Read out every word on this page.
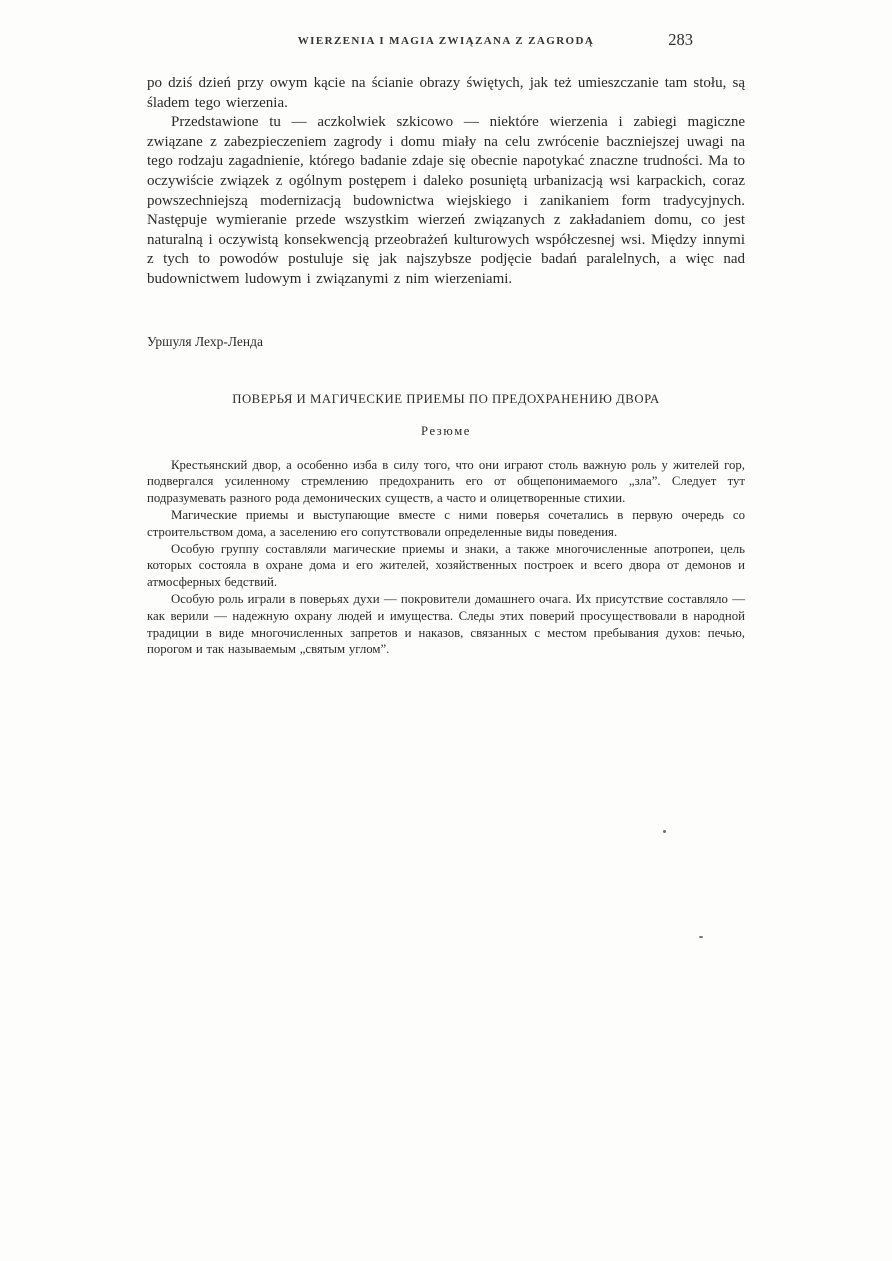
WIERZENIA I MAGIA ZWIĄZANA Z ZAGRODĄ	283

po dziś dzień przy owym kącie na ścianie obrazy świętych, jak też umieszczanie tam stołu, są śladem tego wierzenia.

Przedstawione tu — aczkolwiek szkicowo — niektóre wierzenia i zabiegi magiczne związane z zabezpieczeniem zagrody i domu miały na celu zwrócenie baczniejszej uwagi na tego rodzaju zagadnienie, którego badanie zdaje się obecnie napotykać znaczne trudności. Ma to oczywiście związek z ogólnym postępem i daleko posuniętą urbanizacją wsi karpackich, coraz powszechniejszą modernizacją budownictwa wiejskiego i zanikaniem form tradycyjnych. Następuje wymieranie przede wszystkim wierzeń związanych z zakładaniem domu, co jest naturalną i oczywistą konsekwencją przeobrażeń kulturowych współczesnej wsi. Między innymi z tych to powodów postuluje się jak najszybsze podjęcie badań paralelnych, a więc nad budownictwem ludowym i związanymi z nim wierzeniami.

Уршуля Лехр-Ленда
ПОВЕРЬЯ И МАГИЧЕСКИЕ ПРИЕМЫ ПО ПРЕДОХРАНЕНИЮ ДВОРА
Резюме

Крестьянский двор, а особенно изба в силу того, что они играют столь важную роль у жителей гор, подвергался усиленному стремлению предохранить его от общепонимаемого „зла”. Следует тут подразумевать разного рода демонических существ, а часто и олицетворенные стихии.

Магические приемы и выступающие вместе с ними поверья сочетались в первую очередь со строительством дома, а заселению его сопутствовали определенные виды поведения.

Особую группу составляли магические приемы и знаки, а также многочисленные апотропеи, цель которых состояла в охране дома и его жителей, хозяйственных построек и всего двора от демонов и атмосферных бедствий.

Особую роль играли в поверьях духи — покровители домашнего очага. Их присутствие составляло — как верили — надежную охрану людей и имущества. Следы этих поверий просуществовали в народной традиции в виде многочисленных запретов и наказов, связанных с местом пребывания духов: печью, порогом и так называемым „святым углом”.
